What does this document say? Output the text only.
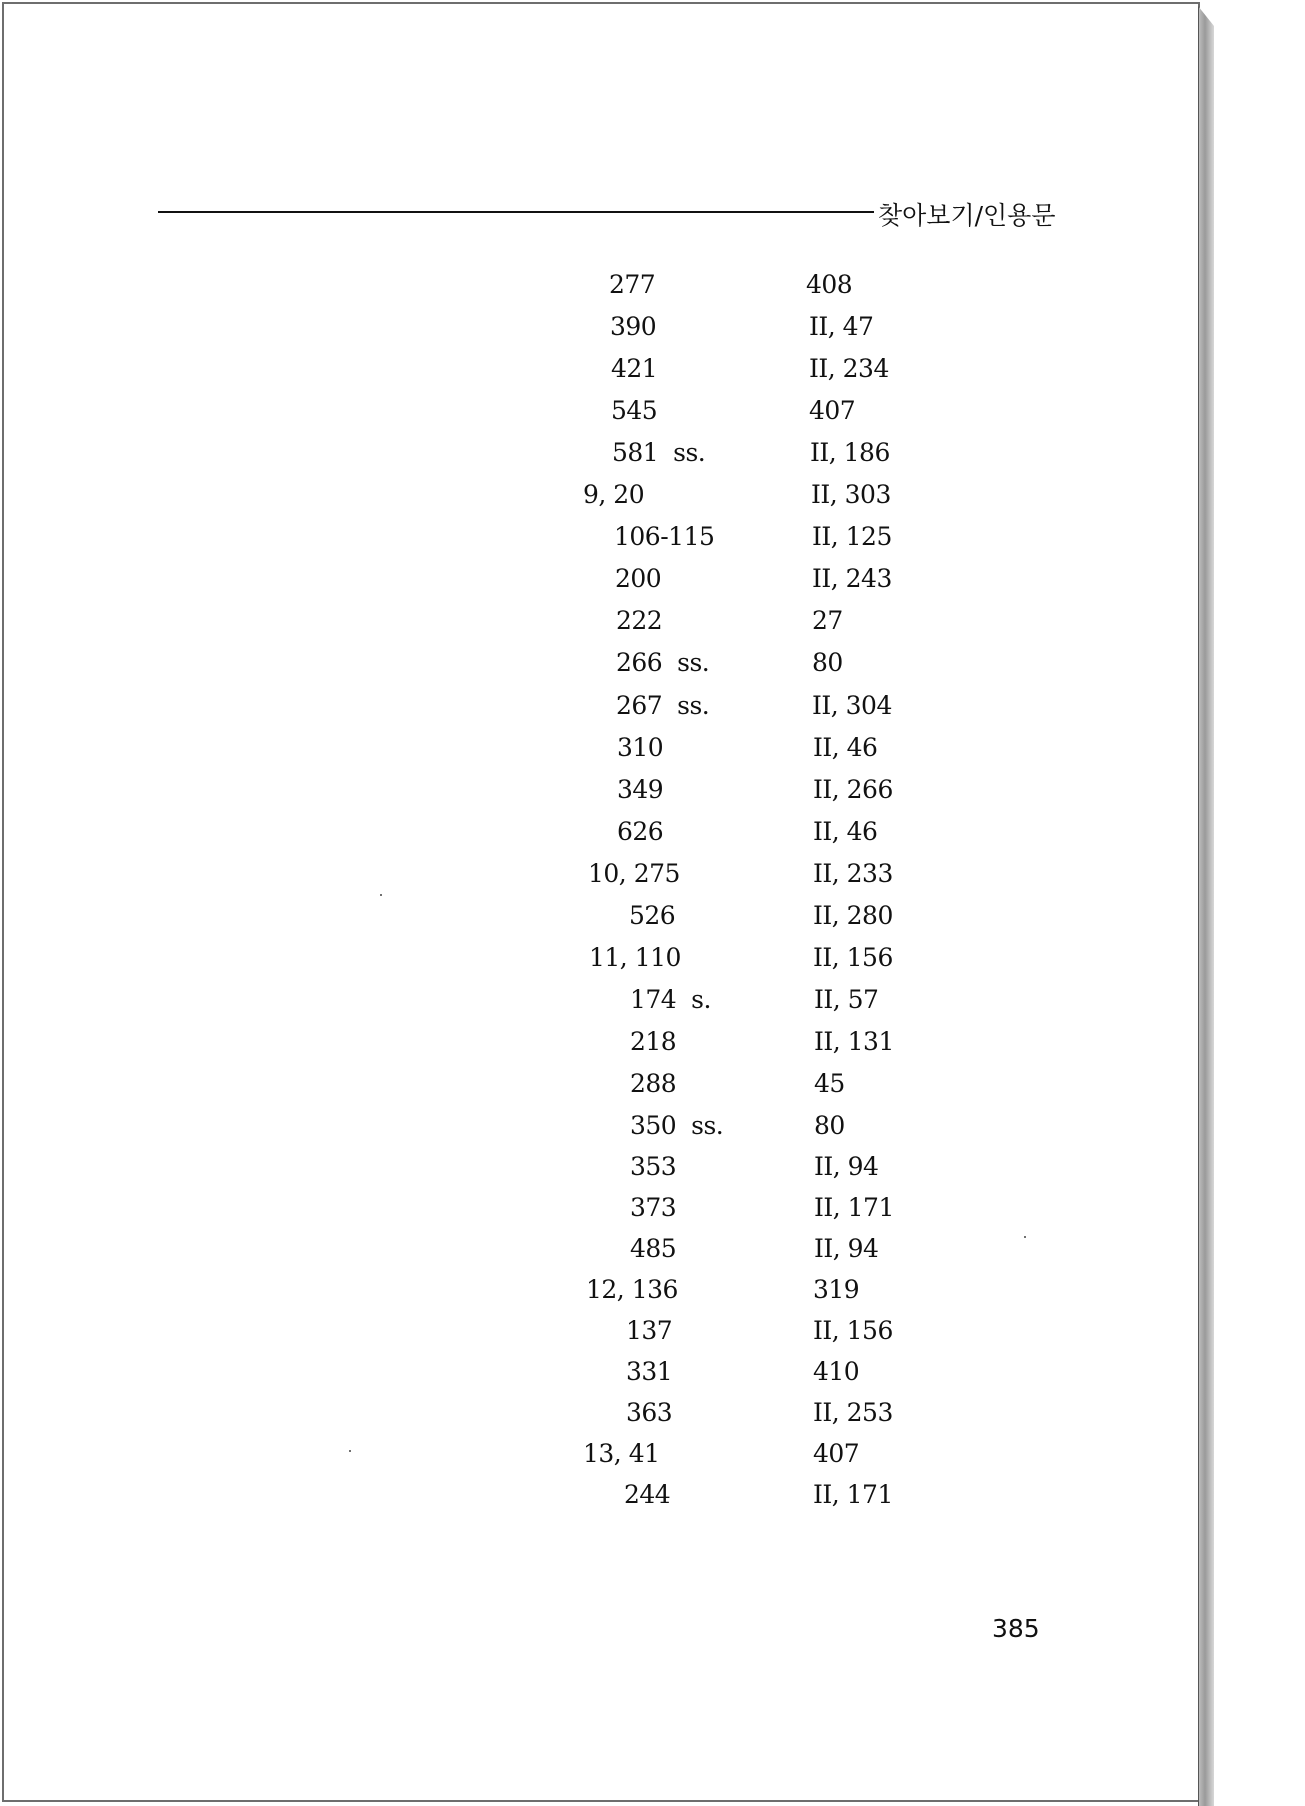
찾아보기/인용문
277	408
390	II, 47
421	II, 234
545	407
581  ss.	II, 186
9, 20	II, 303
106-115	II, 125
200	II, 243
222	27
266  ss.	80
267  ss.	II, 304
310	II, 46
349	II, 266
626	II, 46
10, 275	II, 233
526	II, 280
11, 110	II, 156
174  s.	II, 57
218	II, 131
288	45
350  ss.	80
353	II, 94
373	II, 171
485	II, 94
12, 136	319
137	II, 156
331	410
363	II, 253
13, 41	407
244	II, 171
385
